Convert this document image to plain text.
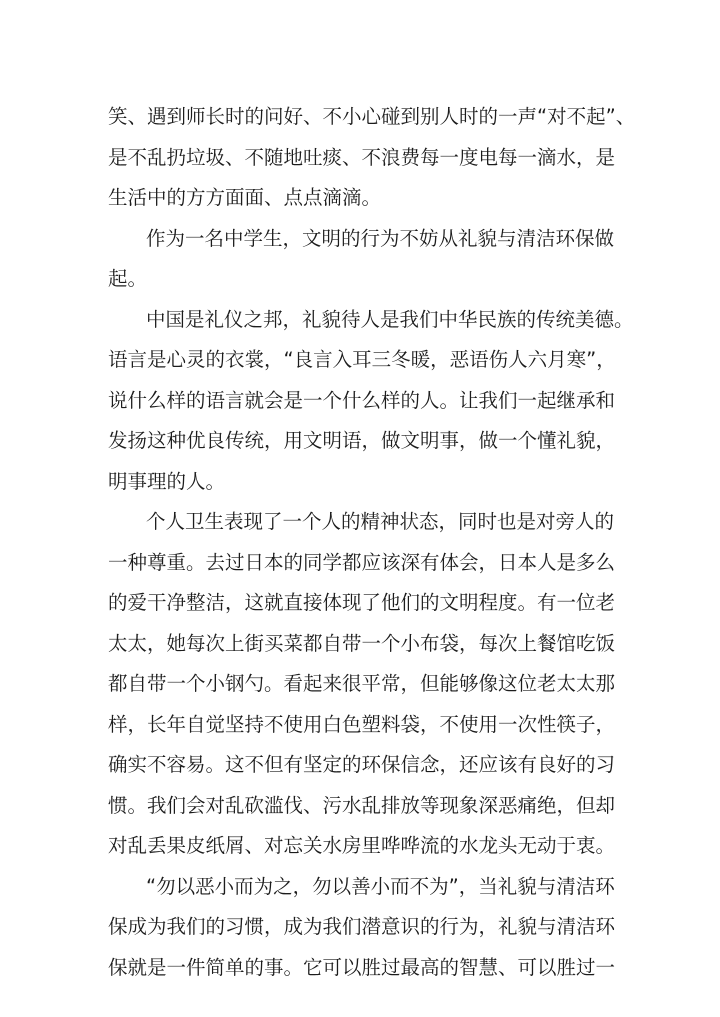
笑、遇到师长时的问好、不小心碰到别人时的一声“对不起”、
是不乱扔垃圾、不随地吐痰、不浪费每一度电每一滴水，是
生活中的方方面面、点点滴滴。
作为一名中学生，文明的行为不妨从礼貌与清洁环保做
起。
中国是礼仪之邦，礼貌待人是我们中华民族的传统美德。
语言是心灵的衣裳，“良言入耳三冬暖，恶语伤人六月寒”，
说什么样的语言就会是一个什么样的人。让我们一起继承和
发扬这种优良传统，用文明语，做文明事，做一个懂礼貌，
明事理的人。
个人卫生表现了一个人的精神状态，同时也是对旁人的
一种尊重。去过日本的同学都应该深有体会，日本人是多么
的爱干净整洁，这就直接体现了他们的文明程度。有一位老
太太，她每次上街买菜都自带一个小布袋，每次上餐馆吃饭
都自带一个小钢勺。看起来很平常，但能够像这位老太太那
样，长年自觉坚持不使用白色塑料袋，不使用一次性筷子，
确实不容易。这不但有坚定的环保信念，还应该有良好的习
惯。我们会对乱砍滥伐、污水乱排放等现象深恶痛绝，但却
对乱丢果皮纸屑、对忘关水房里哗哗流的水龙头无动于衷。
“勿以恶小而为之，勿以善小而不为”，当礼貌与清洁环
保成为我们的习惯，成为我们潜意识的行为，礼貌与清洁环
保就是一件简单的事。它可以胜过最高的智慧、可以胜过一
